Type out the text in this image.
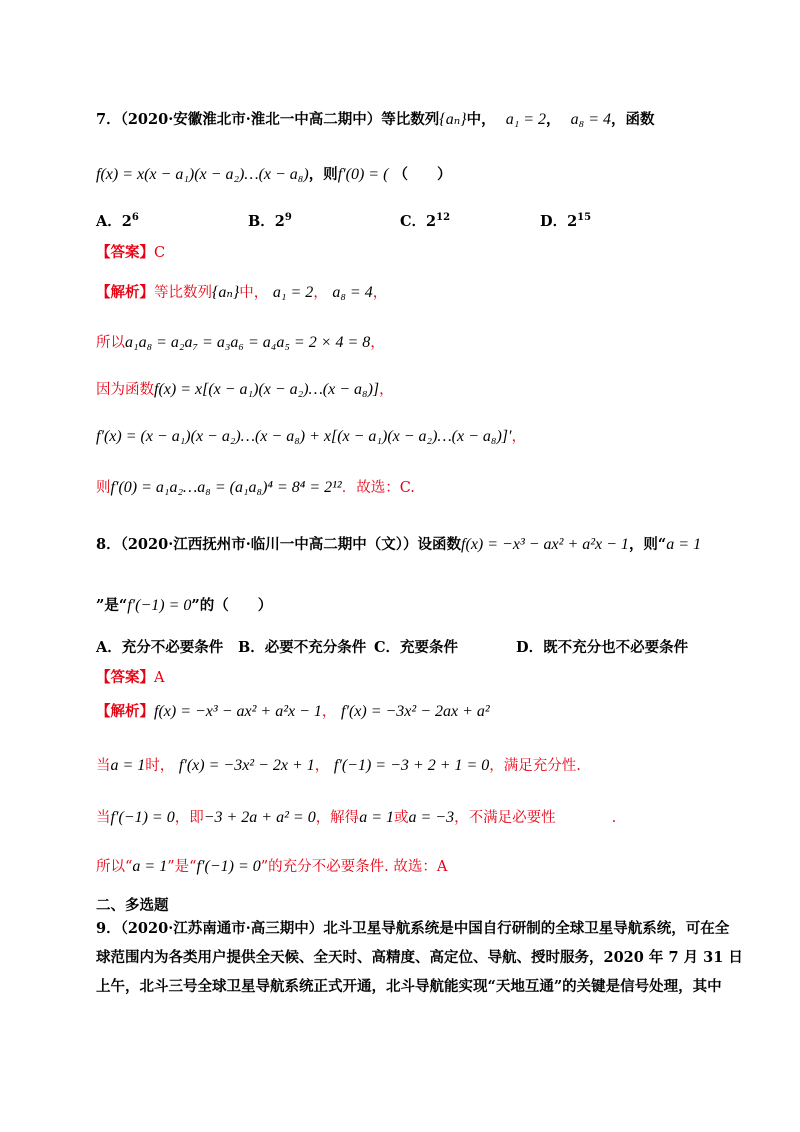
7．（2020·安徽淮北市·淮北一中高二期中）等比数列{aₙ}中， a₁ = 2， a₈ = 4，函数
f(x) = x(x − a₁)(x − a₂)…(x − a₈)，则f′(0) = ( （　　）
A．$2^6$	B．$2^9$	C．$2^{12}$	D．$2^{15}$
【答案】C
【解析】等比数列{aₙ}中， a₁ = 2， a₈ = 4，
所以a₁a₈ = a₂a₇ = a₃a₆ = a₄a₅ = 2 × 4 = 8，
因为函数f(x) = x[(x − a₁)(x − a₂)…(x − a₈)]，
f′(x) = (x − a₁)(x − a₂)…(x − a₈) + x[(x − a₁)(x − a₂)…(x − a₈)]′，
则f′(0) = a₁a₂…a₈ = (a₁a₈)⁴ = 8⁴ = 2¹²．故选：C.
8．（2020·江西抚州市·临川一中高二期中（文））设函数f(x) = −x³ − ax² + a²x − 1，则“a = 1
”是“f′(−1) = 0”的（　　）
A．充分不必要条件 B．必要不充分条件 C．充要条件	D．既不充分也不必要条件
【答案】A
【解析】f(x) = −x³ − ax² + a²x − 1， f′(x) = −3x² − 2ax + a²
当a = 1时， f′(x) = −3x² − 2x + 1， f′(−1) = −3 + 2 + 1 = 0，满足充分性.
当f′(−1) = 0，即−3 + 2a + a² = 0，解得a = 1或a = −3，不满足必要性	.
所以“a = 1”是“f′(−1) = 0”的充分不必要条件. 故选：A
二、多选题
9．（2020·江苏南通市·高三期中）北斗卫星导航系统是中国自行研制的全球卫星导航系统，可在全
球范围内为各类用户提供全天候、全天时、高精度、高定位、导航、授时服务，2020 年 7 月 31 日
上午，北斗三号全球卫星导航系统正式开通，北斗导航能实现“天地互通”的关键是信号处理，其中
